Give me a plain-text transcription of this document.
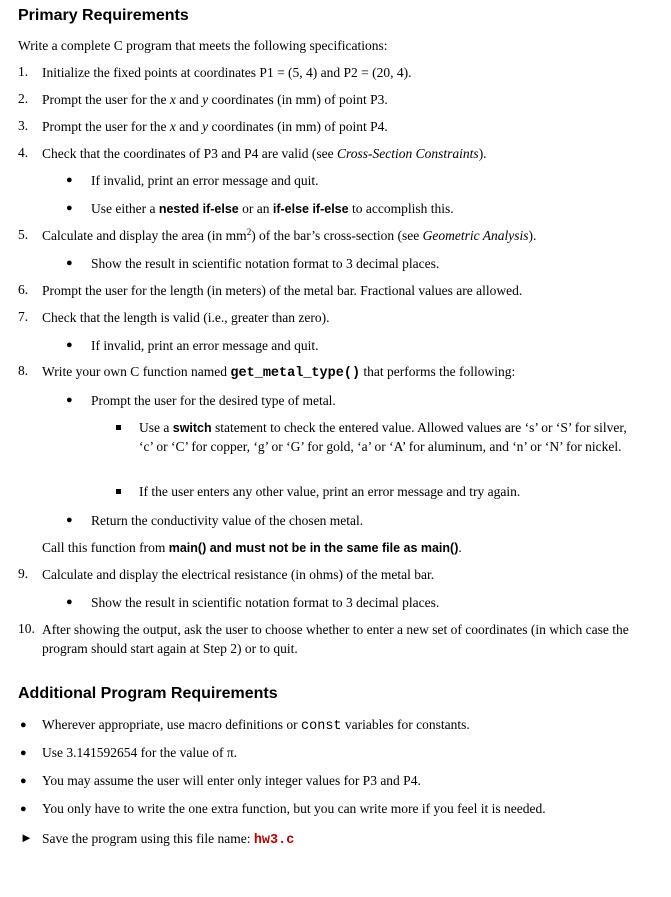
Primary Requirements
Write a complete C program that meets the following specifications:
1. Initialize the fixed points at coordinates P1 = (5, 4) and P2 = (20, 4).
2. Prompt the user for the x and y coordinates (in mm) of point P3.
3. Prompt the user for the x and y coordinates (in mm) of point P4.
4. Check that the coordinates of P3 and P4 are valid (see Cross-Section Constraints).
● If invalid, print an error message and quit.
● Use either a nested if-else or an if-else if-else to accomplish this.
5. Calculate and display the area (in $mm^2$) of the bar’s cross-section (see Geometric Analysis).
● Show the result in scientific notation format to 3 decimal places.
6. Prompt the user for the length (in meters) of the metal bar. Fractional values are allowed.
7. Check that the length is valid (i.e., greater than zero).
● If invalid, print an error message and quit.
8. Write your own C function named get_metal_type() that performs the following:
● Prompt the user for the desired type of metal.
Use a switch statement to check the entered value. Allowed values are ‘s’ or ‘S’ for silver, ‘c’ or ‘C’ for copper, ‘g’ or ‘G’ for gold, ‘a’ or ‘A’ for aluminum, and ‘n’ or ‘N’ for nickel.
If the user enters any other value, print an error message and try again.
● Return the conductivity value of the chosen metal.
Call this function from main() and must not be in the same file as main().
9. Calculate and display the electrical resistance (in ohms) of the metal bar.
● Show the result in scientific notation format to 3 decimal places.
10. After showing the output, ask the user to choose whether to enter a new set of coordinates (in which case the program should start again at Step 2) or to quit.
Additional Program Requirements
● Wherever appropriate, use macro definitions or const variables for constants.
● Use 3.141592654 for the value of π.
● You may assume the user will enter only integer values for P3 and P4.
● You only have to write the one extra function, but you can write more if you feel it is needed.
► Save the program using this file name: hw3.c
